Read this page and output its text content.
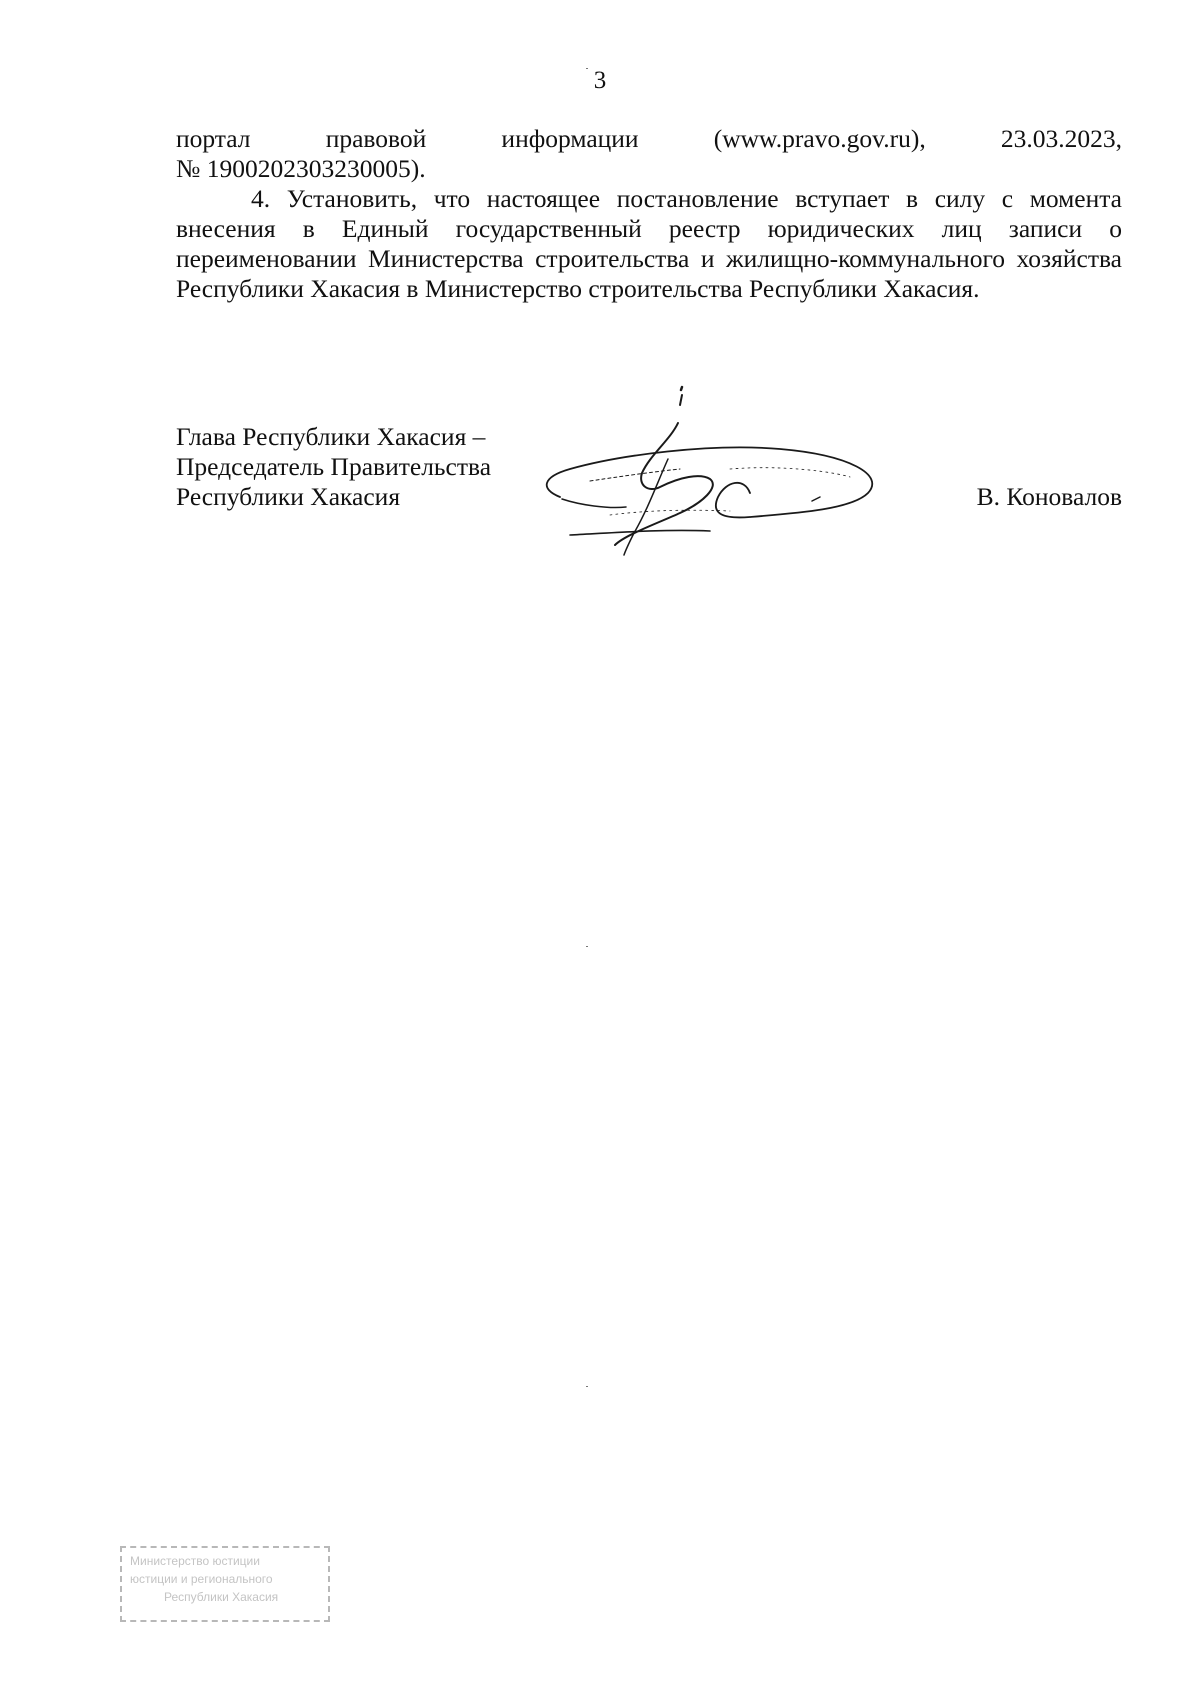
3
портал	правовой	информации	(www.pravo.gov.ru),	23.03.2023,
№ 1900202303230005).

4. Установить, что настоящее постановление вступает в силу с момента внесения в Единый государственный реестр юридических лиц записи о переименовании Министерства строительства и жилищно-коммунального хозяйства Республики Хакасия в Министерство строительства Республики Хакасия.

Глава Республики Хакасия –
Председатель Правительства
Республики Хакасия	В. Коновалов
Министерство юстиции
юстиции и регионального
Республики Хакасия
